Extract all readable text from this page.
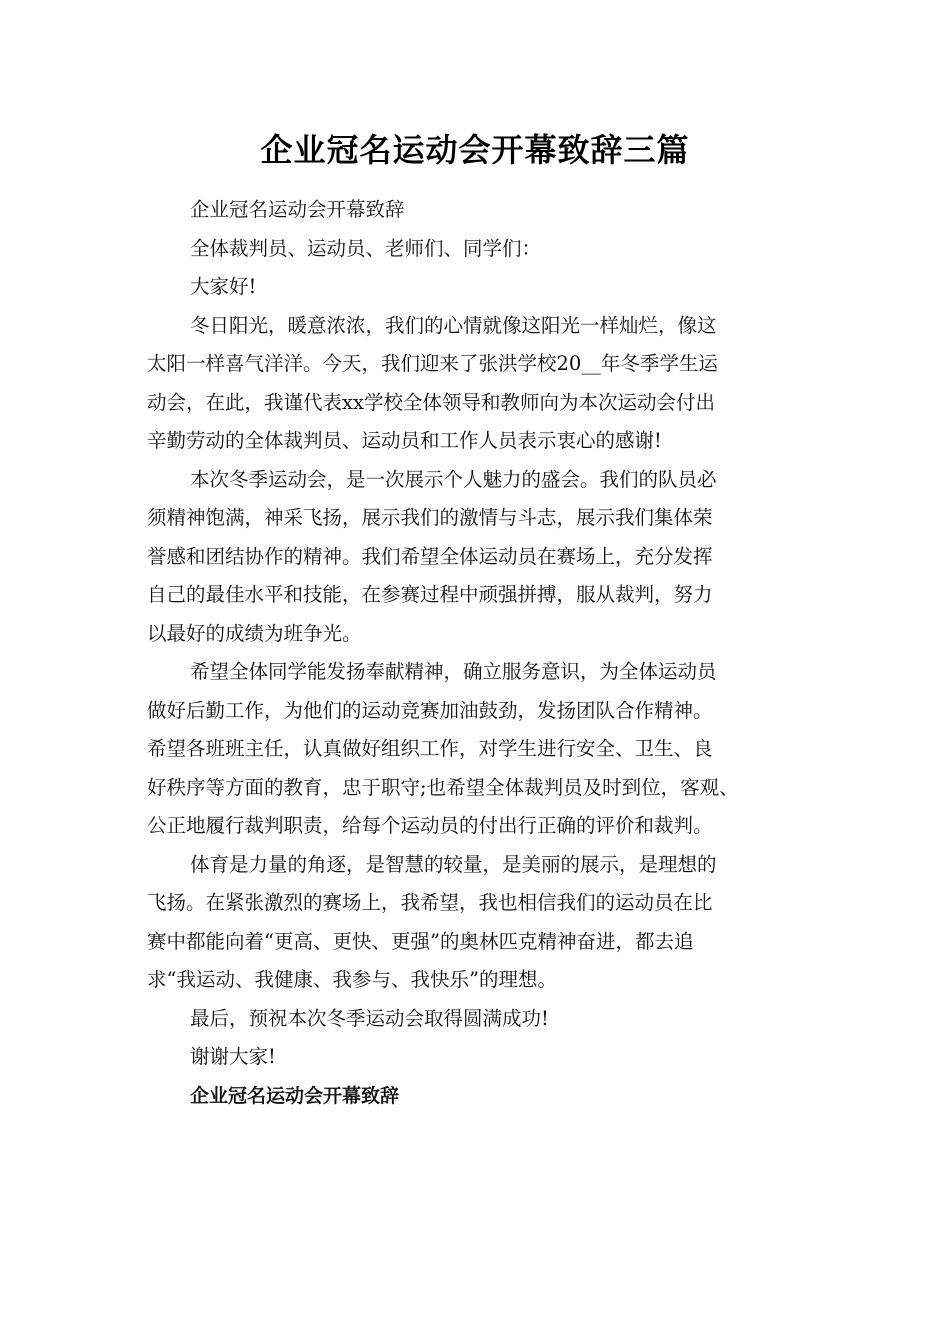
企业冠名运动会开幕致辞三篇
企业冠名运动会开幕致辞
全体裁判员、运动员、老师们、同学们：
大家好!
冬日阳光，暖意浓浓，我们的心情就像这阳光一样灿烂，像这
太阳一样喜气洋洋。今天，我们迎来了张洪学校20__年冬季学生运
动会，在此，我谨代表xx学校全体领导和教师向为本次运动会付出
辛勤劳动的全体裁判员、运动员和工作人员表示衷心的感谢!
本次冬季运动会，是一次展示个人魅力的盛会。我们的队员必
须精神饱满，神采飞扬，展示我们的激情与斗志，展示我们集体荣
誉感和团结协作的精神。我们希望全体运动员在赛场上，充分发挥
自己的最佳水平和技能，在参赛过程中顽强拼搏，服从裁判，努力
以最好的成绩为班争光。
希望全体同学能发扬奉献精神，确立服务意识，为全体运动员
做好后勤工作，为他们的运动竞赛加油鼓劲，发扬团队合作精神。
希望各班班主任，认真做好组织工作，对学生进行安全、卫生、良
好秩序等方面的教育，忠于职守;也希望全体裁判员及时到位，客观、
公正地履行裁判职责，给每个运动员的付出行正确的评价和裁判。
体育是力量的角逐，是智慧的较量，是美丽的展示，是理想的
飞扬。在紧张激烈的赛场上，我希望，我也相信我们的运动员在比
赛中都能向着“更高、更快、更强”的奥林匹克精神奋进，都去追
求“我运动、我健康、我参与、我快乐”的理想。
最后，预祝本次冬季运动会取得圆满成功!
谢谢大家!
企业冠名运动会开幕致辞
